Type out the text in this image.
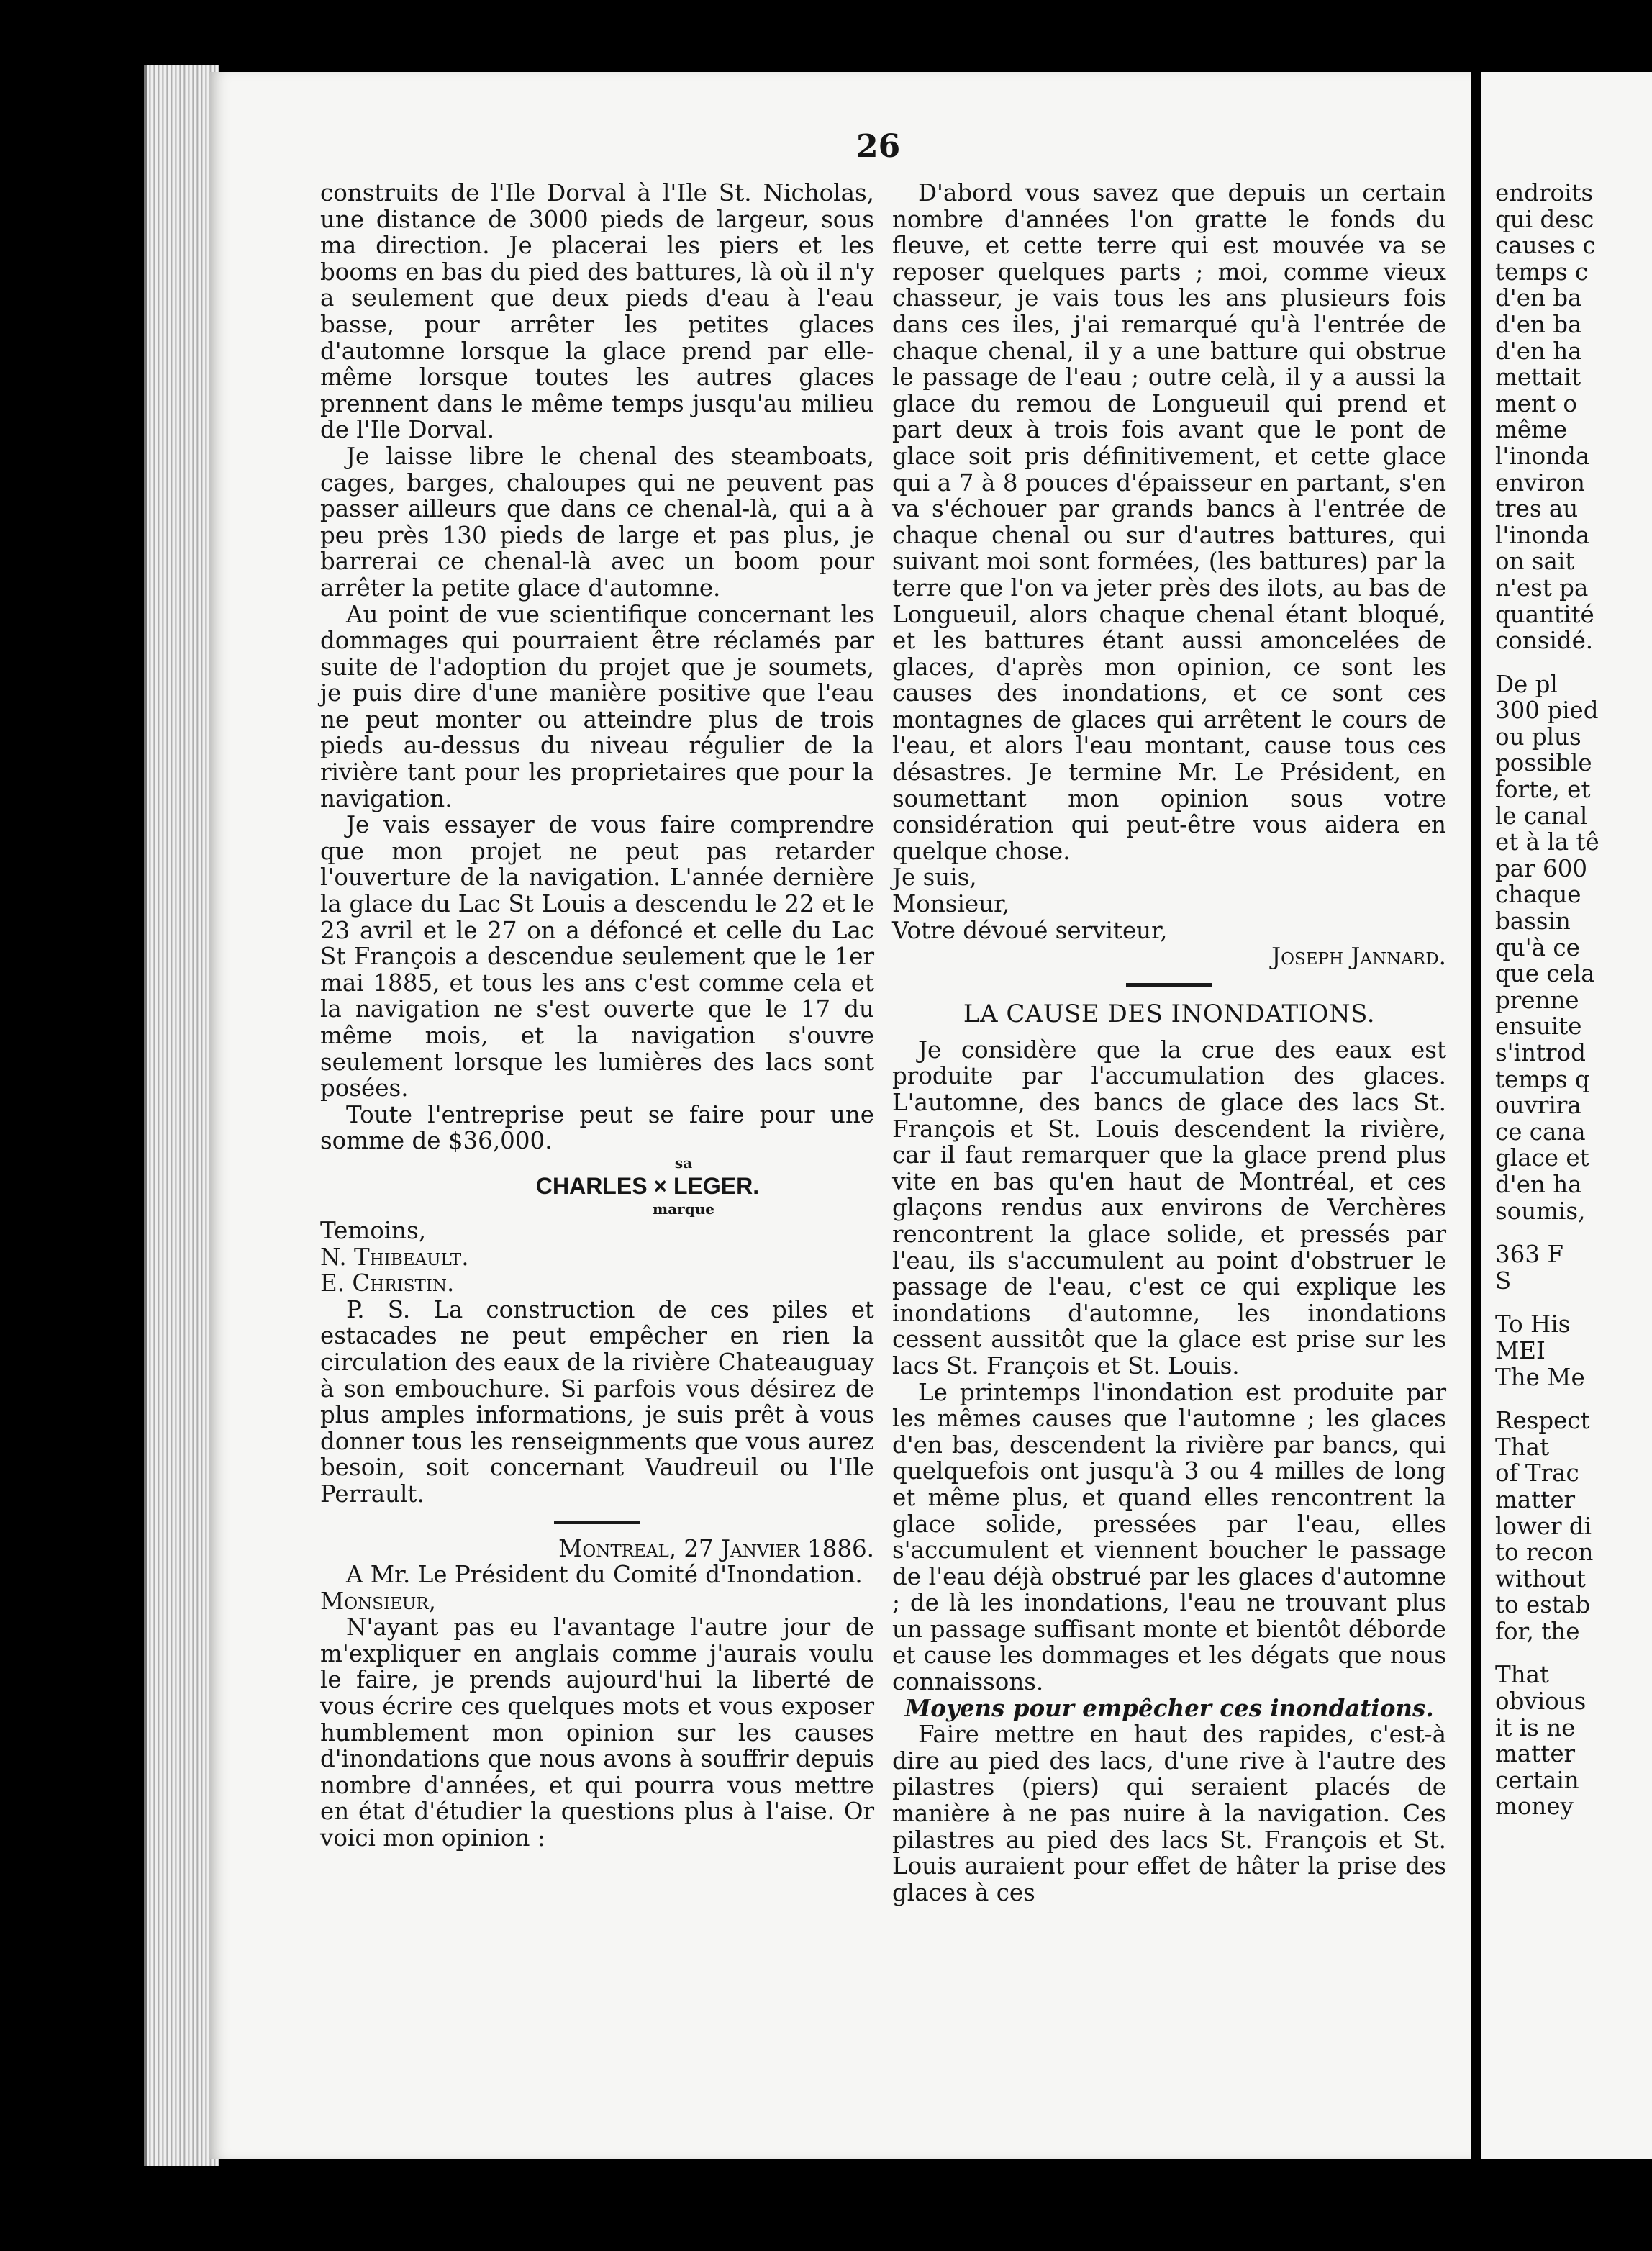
26

construits de l'Ile Dorval à l'Ile St. Nicholas, une distance de 3000 pieds de largeur, sous ma direction. Je placerai les piers et les booms en bas du pied des battures, là où il n'y a seulement que deux pieds d'eau à l'eau basse, pour arrêter les petites glaces d'automne lorsque la glace prend par elle-même lorsque toutes les autres glaces prennent dans le même temps jusqu'au milieu de l'Ile Dorval.

Je laisse libre le chenal des steamboats, cages, barges, chaloupes qui ne peuvent pas passer ailleurs que dans ce chenal-là, qui a à peu près 130 pieds de large et pas plus, je barrerai ce chenal-là avec un boom pour arrêter la petite glace d'automne.

Au point de vue scientifique concernant les dommages qui pourraient être réclamés par suite de l'adoption du projet que je soumets, je puis dire d'une manière positive que l'eau ne peut monter ou atteindre plus de trois pieds au-dessus du niveau régulier de la rivière tant pour les proprietaires que pour la navigation.

Je vais essayer de vous faire comprendre que mon projet ne peut pas retarder l'ouverture de la navigation. L'année dernière la glace du Lac St Louis a descendu le 22 et le 23 avril et le 27 on a défoncé et celle du Lac St François a descendue seulement que le 1er mai 1885, et tous les ans c'est comme cela et la navigation ne s'est ouverte que le 17 du même mois, et la navigation s'ouvre seulement lorsque les lumières des lacs sont posées.

Toute l'entreprise peut se faire pour une somme de $36,000.

sa
CHARLES × LEGER.
marque

Temoins,

N. Thibeault.

E. Christin.

P. S. La construction de ces piles et estacades ne peut empêcher en rien la circulation des eaux de la rivière Chateauguay à son embouchure. Si parfois vous désirez de plus amples informations, je suis prêt à vous donner tous les renseignments que vous aurez besoin, soit concernant Vaudreuil ou l'Ile Perrault.

Montreal, 27 Janvier 1886.

A Mr. Le Président du Comité d'Inondation.

Monsieur,

N'ayant pas eu l'avantage l'autre jour de m'expliquer en anglais comme j'aurais voulu le faire, je prends aujourd'hui la liberté de vous écrire ces quelques mots et vous exposer humblement mon opinion sur les causes d'inondations que nous avons à souffrir depuis nombre d'années, et qui pourra vous mettre en état d'étudier la questions plus à l'aise. Or voici mon opinion :

D'abord vous savez que depuis un certain nombre d'années l'on gratte le fonds du fleuve, et cette terre qui est mouvée va se reposer quelques parts ; moi, comme vieux chasseur, je vais tous les ans plusieurs fois dans ces iles, j'ai remarqué qu'à l'entrée de chaque chenal, il y a une batture qui obstrue le passage de l'eau ; outre celà, il y a aussi la glace du remou de Longueuil qui prend et part deux à trois fois avant que le pont de glace soit pris définitivement, et cette glace qui a 7 à 8 pouces d'épaisseur en partant, s'en va s'échouer par grands bancs à l'entrée de chaque chenal ou sur d'autres battures, qui suivant moi sont formées, (les battures) par la terre que l'on va jeter près des ilots, au bas de Longueuil, alors chaque chenal étant bloqué, et les battures étant aussi amoncelées de glaces, d'après mon opinion, ce sont les causes des inondations, et ce sont ces montagnes de glaces qui arrêtent le cours de l'eau, et alors l'eau montant, cause tous ces désastres. Je termine Mr. Le Président, en soumettant mon opinion sous votre considération qui peut-être vous aidera en quelque chose.

Je suis,

Monsieur,

Votre dévoué serviteur,

Joseph Jannard.

LA CAUSE DES INONDATIONS.

Je considère que la crue des eaux est produite par l'accumulation des glaces. L'automne, des bancs de glace des lacs St. François et St. Louis descendent la rivière, car il faut remarquer que la glace prend plus vite en bas qu'en haut de Montréal, et ces glaçons rendus aux environs de Verchères rencontrent la glace solide, et pressés par l'eau, ils s'accumulent au point d'obstruer le passage de l'eau, c'est ce qui explique les inondations d'automne, les inondations cessent aussitôt que la glace est prise sur les lacs St. François et St. Louis.

Le printemps l'inondation est produite par les mêmes causes que l'automne ; les glaces d'en bas, descendent la rivière par bancs, qui quelquefois ont jusqu'à 3 ou 4 milles de long et même plus, et quand elles rencontrent la glace solide, pressées par l'eau, elles s'accumulent et viennent boucher le passage de l'eau déjà obstrué par les glaces d'automne ; de là les inondations, l'eau ne trouvant plus un passage suffisant monte et bientôt déborde et cause les dommages et les dégats que nous connaissons.

Moyens pour empêcher ces inondations.

Faire mettre en haut des rapides, c'est-à dire au pied des lacs, d'une rive à l'autre des pilastres (piers) qui seraient placés de manière à ne pas nuire à la navigation. Ces pilastres au pied des lacs St. François et St. Louis auraient pour effet de hâter la prise des glaces à ces

endroits

qui desc

causes c

temps c

d'en ba

d'en ba

d'en ha

mettait

ment o

même

l'inonda

environ

tres au

l'inonda

on sait

n'est pa

quantité

considé.

De pl

300 pied

ou plus

possible

forte, et

le canal

et à la tê

par 600

chaque

bassin

qu'à ce

que cela

prenne

ensuite

s'introd

temps q

ouvrira

ce cana

glace et

d'en ha

soumis,

363 F

S

To His

MEI

The Me

Respect

That

of Trac

matter

lower di

to recon

without

to estab

for, the

That

obvious

it is ne

matter

certain

money
